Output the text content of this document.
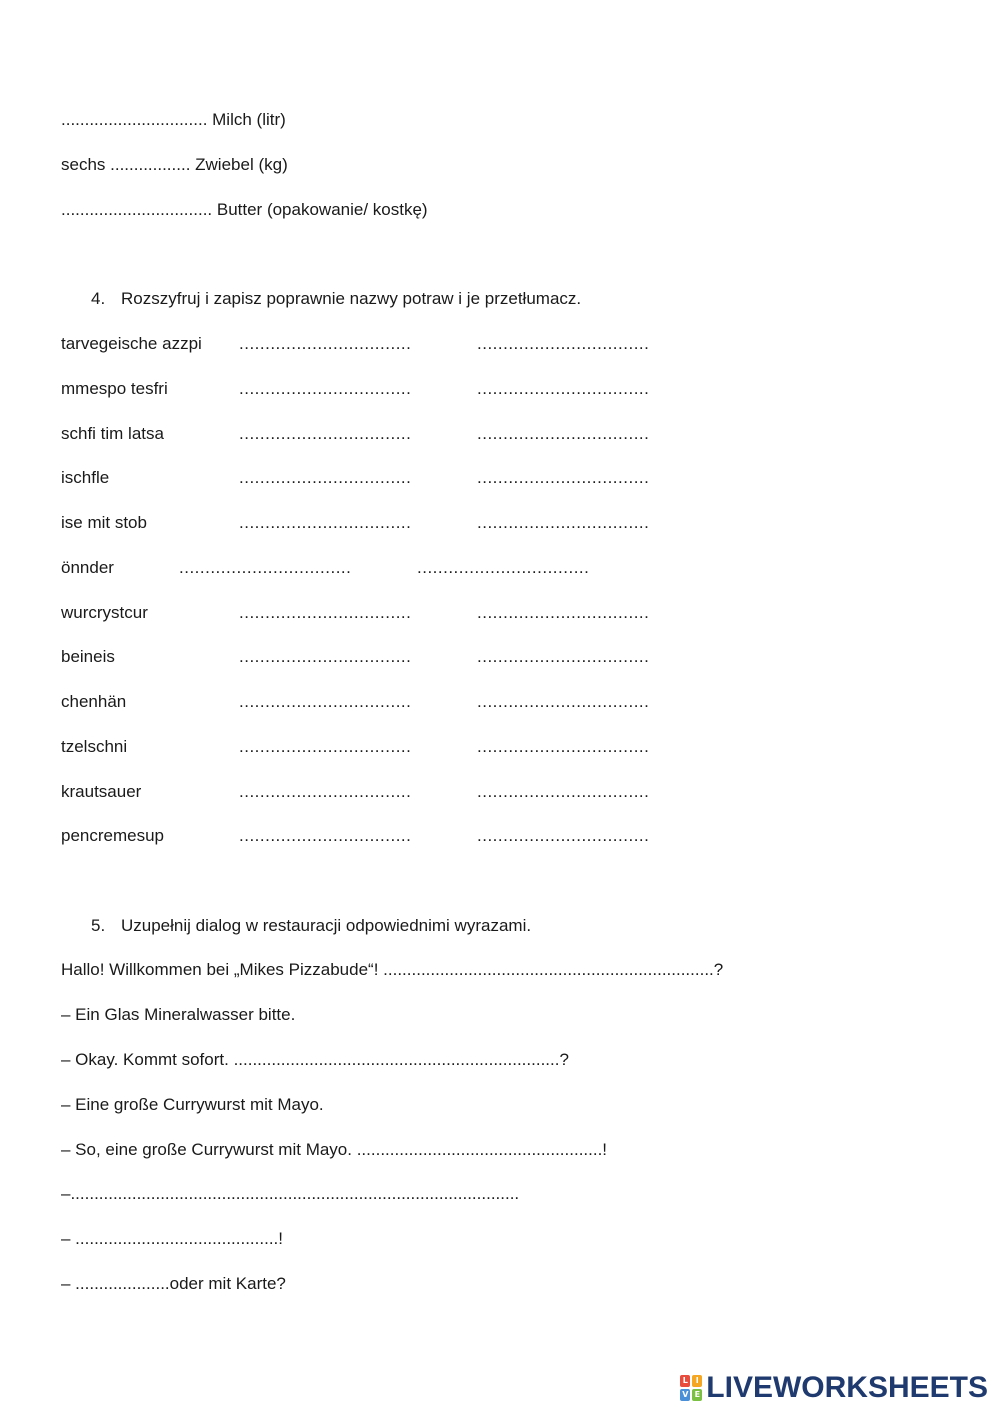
............................... Milch (litr)
sechs ................. Zwiebel (kg)
................................ Butter (opakowanie/ kostkę)
4. Rozszyfruj i zapisz poprawnie nazwy potraw i je przetłumacz.
tarvegeische azzpi .................................	.................................
mmespo tesfri	.................................	.................................
schfi tim latsa	.................................	.................................
ischfle	.................................	.................................
ise mit stob	.................................	.................................
önnder	.................................	.................................
wurcrystcur	.................................	.................................
beineis	.................................	.................................
chenhän	.................................	.................................
tzelschni	.................................	.................................
krautsauer	.................................	.................................
pencremesup	.................................	.................................
5. Uzupełnij dialog w restauracji odpowiednimi wyrazami.
Hallo! Willkommen bei „Mikes Pizzabude“! ......................................................................?
– Ein Glas Mineralwasser bitte.
– Okay. Kommt sofort. .....................................................................?
– Eine große Currywurst mit Mayo.
– So, eine große Currywurst mit Mayo. ....................................................!
–...............................................................................................
– ...........................................!
– ....................oder mit Karte?
L I
V E LIVEWORKSHEETS
